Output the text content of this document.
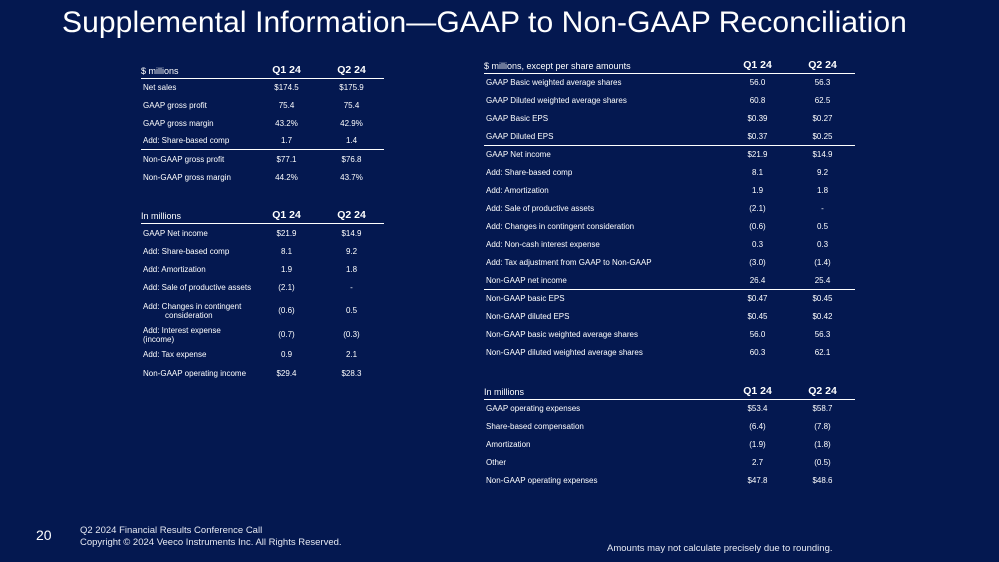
Supplemental Information—GAAP to Non-GAAP Reconciliation
$ millions	Q1 24	Q2 24
Net sales	$174.5	$175.9
GAAP gross profit	75.4	75.4
GAAP gross margin	43.2%	42.9%
Add: Share-based comp	1.7	1.4
Non-GAAP gross profit	$77.1	$76.8
Non-GAAP gross margin	44.2%	43.7%
In millions	Q1 24	Q2 24
GAAP Net income	$21.9	$14.9
Add: Share-based comp	8.1	9.2
Add: Amortization	1.9	1.8
Add: Sale of productive assets	(2.1)	-

Add: Changes in contingent consideration	(0.6)	0.5
Add: Interest expense (income)	(0.7)	(0.3)
Add: Tax expense	0.9	2.1
Non-GAAP operating income	$29.4	$28.3
$ millions, except per share amounts	Q1 24	Q2 24
GAAP Basic weighted average shares	56.0	56.3
GAAP Diluted weighted average shares	60.8	62.5
GAAP Basic EPS	$0.39	$0.27
GAAP Diluted EPS	$0.37	$0.25
GAAP Net income	$21.9	$14.9
Add: Share-based comp	8.1	9.2
Add: Amortization	1.9	1.8
Add: Sale of productive assets	(2.1)	-
Add: Changes in contingent consideration	(0.6)	0.5
Add: Non-cash interest expense	0.3	0.3
Add: Tax adjustment from GAAP to Non-GAAP	(3.0)	(1.4)
Non-GAAP net income	26.4	25.4
Non-GAAP basic EPS	$0.47	$0.45
Non-GAAP diluted EPS	$0.45	$0.42
Non-GAAP basic weighted average shares	56.0	56.3
Non-GAAP diluted weighted average shares	60.3	62.1
In millions	Q1 24	Q2 24
GAAP operating expenses	$53.4	$58.7
Share-based compensation	(6.4)	(7.8)
Amortization	(1.9)	(1.8)
Other	2.7	(0.5)
Non-GAAP operating expenses	$47.8	$48.6
20	Q2 2024 Financial Results Conference Call
Copyright © 2024 Veeco Instruments Inc. All Rights Reserved.
Amounts may not calculate precisely due to rounding.
